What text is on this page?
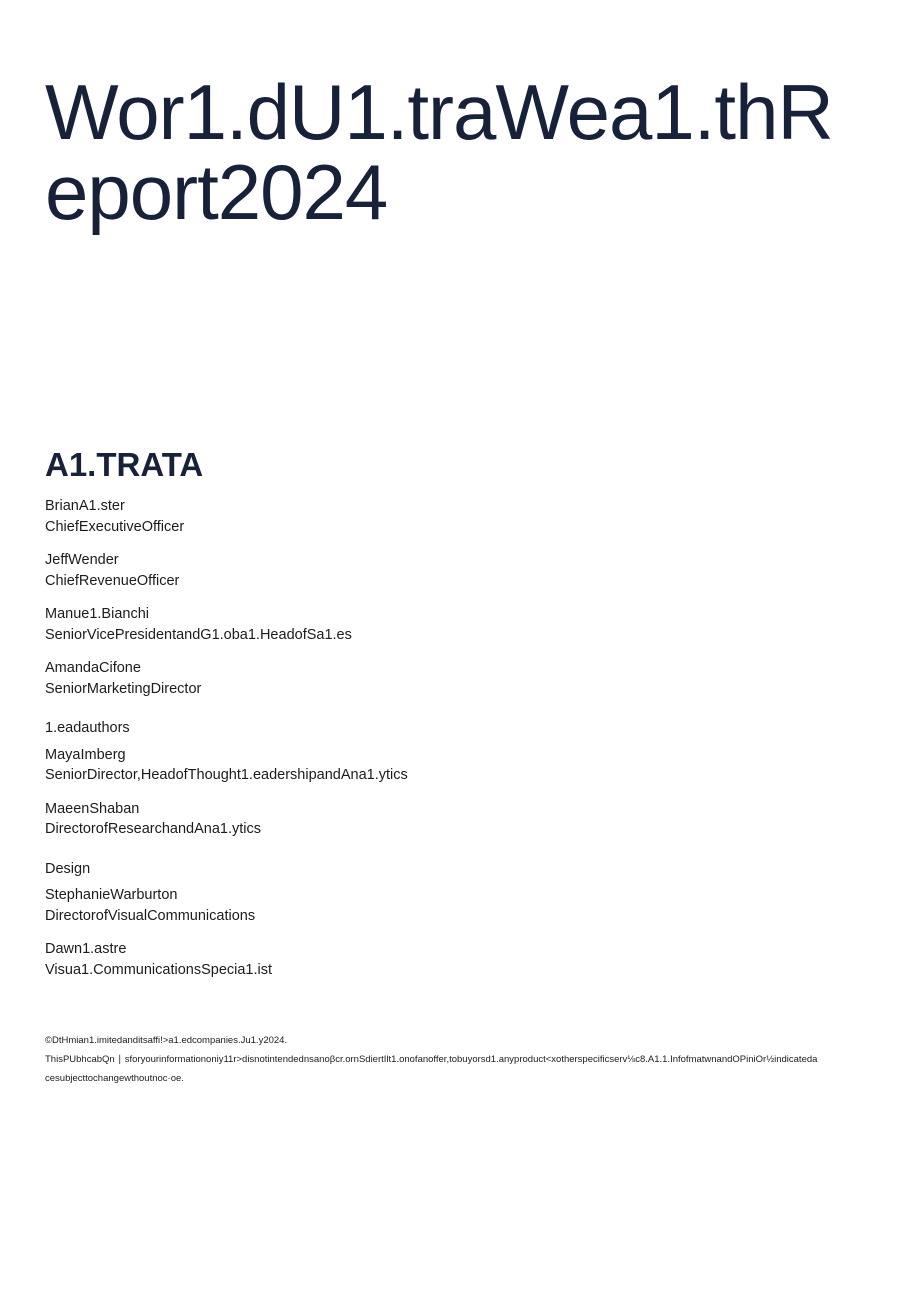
Wor1.dU1.traWea1.thReport2024
A1.TRATA
BrianA1.ster
ChiefExecutiveOfficer
JeffWender
ChiefRevenueOfficer
Manue1.Bianchi
SeniorVicePresidentandG1.oba1.HeadofSa1.es
AmandaCifone
SeniorMarketingDirector
1.eadauthors
MayaImberg
SeniorDirector,HeadofThought1.eadershipandAna1.ytics
MaeenShaban
DirectorofResearchandAna1.ytics
Design
StephanieWarburton
DirectorofVisualCommunications
Dawn1.astre
Visua1.CommunicationsSpecia1.ist
©DtHmian1.imitedanditsaffi!>a1.edcompanies.Ju1.y2024.
ThisPUbhcabQn ∣ sforyourinformationoniy11r>disnotintendednsanoβcr.ornSdiertIlt1.onofanoffer,tobuyorsd1.anyproduct<xotherspecificserv⅛c8.A1.1.InfofmatwnandOPiniOr½indicateda
cesubjecttochangewthoutnoc·oe.
